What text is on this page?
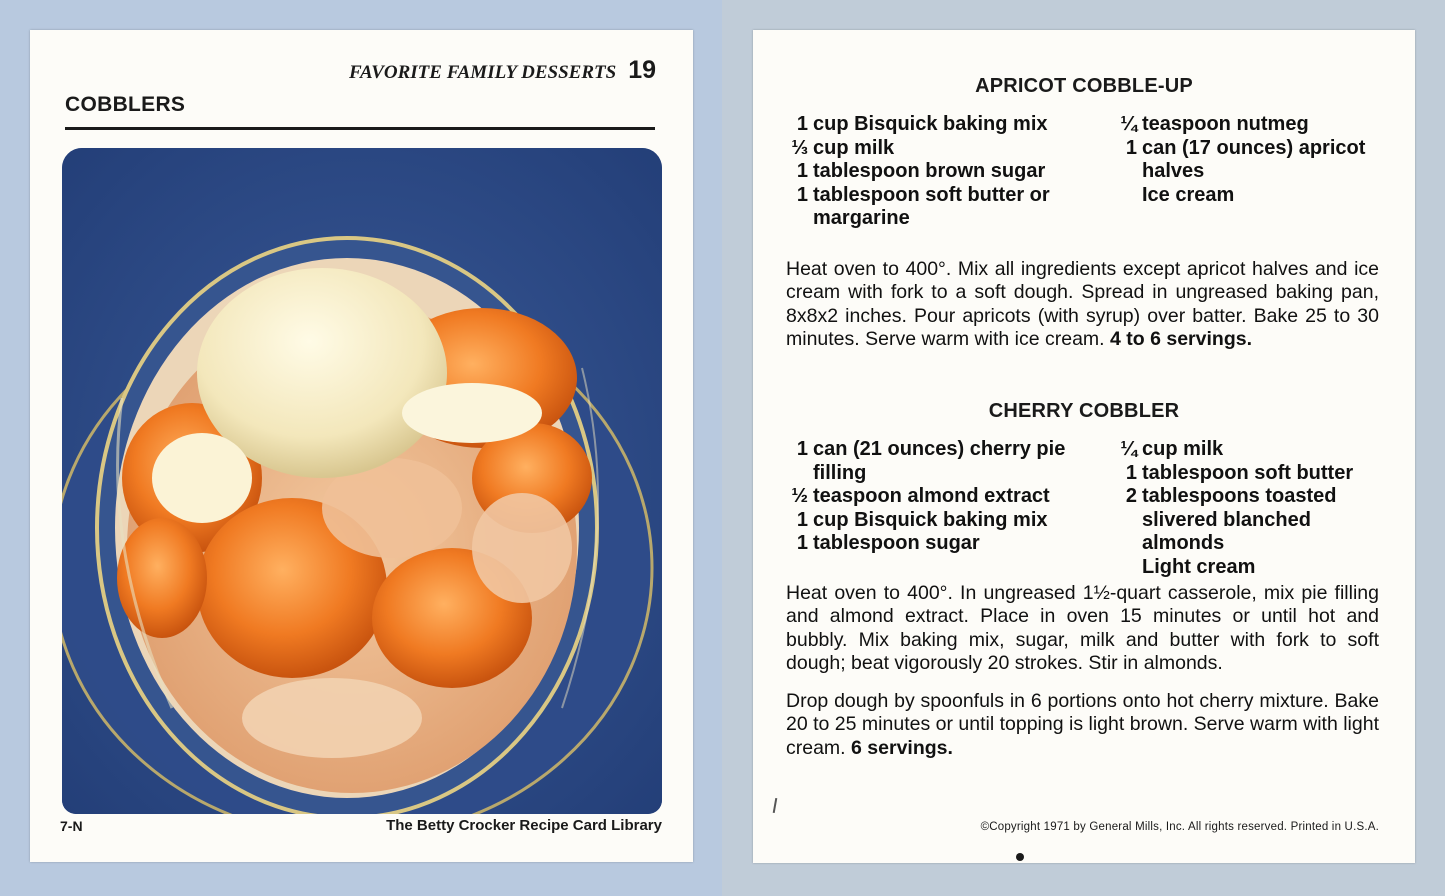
FAVORITE FAMILY DESSERTS 19
COBBLERS
7-N	The Betty Crocker Recipe Card Library
APRICOT COBBLE-UP
1 cup Bisquick baking mix
⅓ cup milk
1 tablespoon brown sugar
1 tablespoon soft butter or margarine
¼ teaspoon nutmeg
1 can (17 ounces) apricot halves
Ice cream

Heat oven to 400°. Mix all ingredients except apricot halves and ice cream with fork to a soft dough. Spread in ungreased baking pan, 8x8x2 inches. Pour apricots (with syrup) over batter. Bake 25 to 30 minutes. Serve warm with ice cream. 4 to 6 servings.

CHERRY COBBLER
1 can (21 ounces) cherry pie filling
½ teaspoon almond extract
1 cup Bisquick baking mix
1 tablespoon sugar
¼ cup milk
1 tablespoon soft butter
2 tablespoons toasted slivered blanched almonds
Light cream

Heat oven to 400°. In ungreased 1½-quart casserole, mix pie filling and almond extract. Place in oven 15 minutes or until hot and bubbly. Mix baking mix, sugar, milk and butter with fork to soft dough; beat vigorously 20 strokes. Stir in almonds.

Drop dough by spoonfuls in 6 portions onto hot cherry mixture. Bake 20 to 25 minutes or until topping is light brown. Serve warm with light cream. 6 servings.

©Copyright 1971 by General Mills, Inc. All rights reserved. Printed in U.S.A.
